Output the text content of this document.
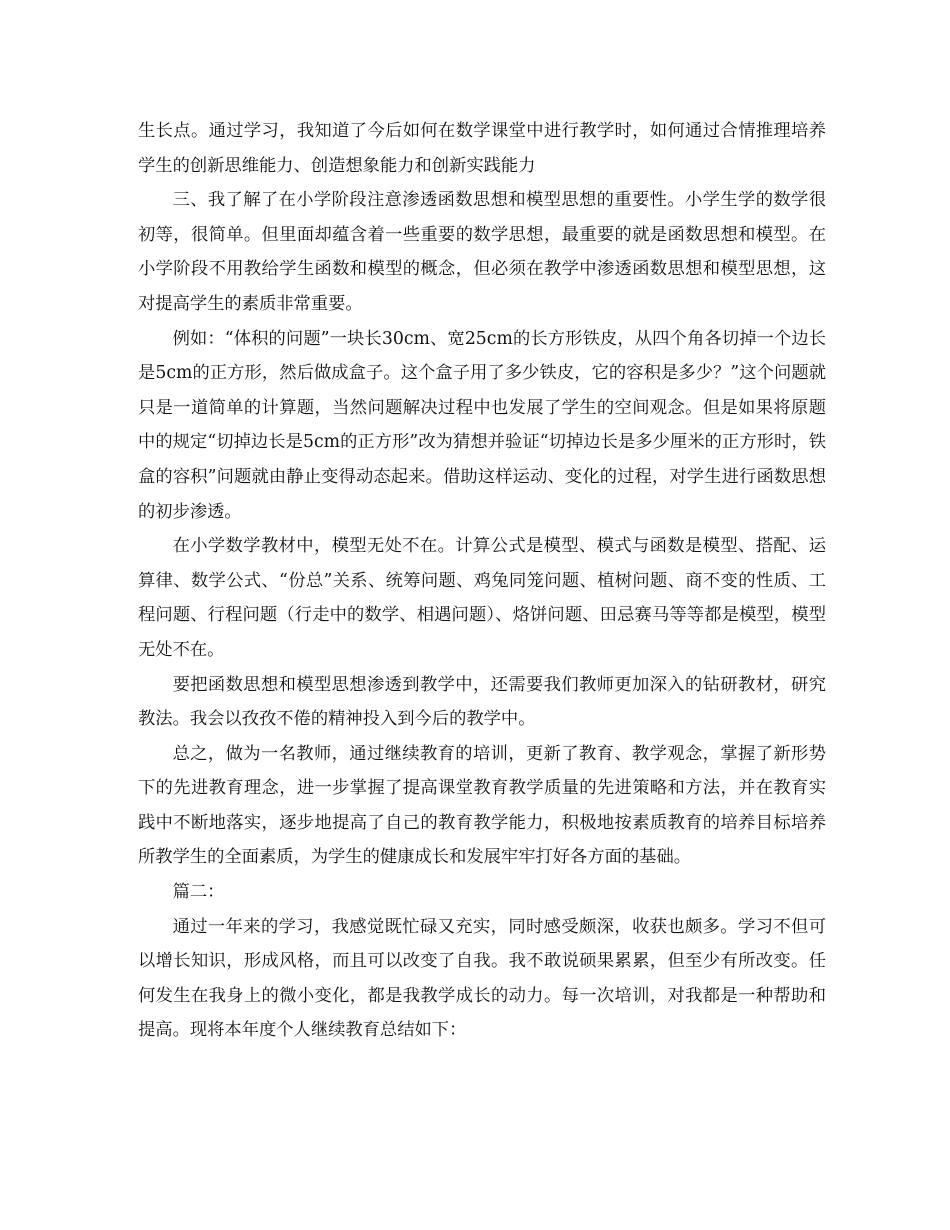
生长点。通过学习，我知道了今后如何在数学课堂中进行教学时，如何通过合情推理培养学生的创新思维能力、创造想象能力和创新实践能力

三、我了解了在小学阶段注意渗透函数思想和模型思想的重要性。小学生学的数学很初等，很简单。但里面却蕴含着一些重要的数学思想，最重要的就是函数思想和模型。在小学阶段不用教给学生函数和模型的概念，但必须在教学中渗透函数思想和模型思想，这对提高学生的素质非常重要。

例如：“体积的问题”一块长30cm、宽25cm的长方形铁皮，从四个角各切掉一个边长是5cm的正方形，然后做成盒子。这个盒子用了多少铁皮，它的容积是多少？”这个问题就只是一道简单的计算题，当然问题解决过程中也发展了学生的空间观念。但是如果将原题中的规定“切掉边长是5cm的正方形”改为猜想并验证“切掉边长是多少厘米的正方形时，铁盒的容积”问题就由静止变得动态起来。借助这样运动、变化的过程，对学生进行函数思想的初步渗透。

在小学数学教材中，模型无处不在。计算公式是模型、模式与函数是模型、搭配、运算律、数学公式、“份总”关系、统筹问题、鸡兔同笼问题、植树问题、商不变的性质、工程问题、行程问题（行走中的数学、相遇问题）、烙饼问题、田忌赛马等等都是模型，模型无处不在。

要把函数思想和模型思想渗透到教学中，还需要我们教师更加深入的钻研教材，研究教法。我会以孜孜不倦的精神投入到今后的教学中。

总之，做为一名教师，通过继续教育的培训，更新了教育、教学观念，掌握了新形势下的先进教育理念，进一步掌握了提高课堂教育教学质量的先进策略和方法，并在教育实践中不断地落实，逐步地提高了自己的教育教学能力，积极地按素质教育的培养目标培养所教学生的全面素质，为学生的健康成长和发展牢牢打好各方面的基础。

篇二：

通过一年来的学习，我感觉既忙碌又充实，同时感受颇深，收获也颇多。学习不但可以增长知识，形成风格，而且可以改变了自我。我不敢说硕果累累，但至少有所改变。任何发生在我身上的微小变化，都是我教学成长的动力。每一次培训，对我都是一种帮助和提高。现将本年度个人继续教育总结如下：
